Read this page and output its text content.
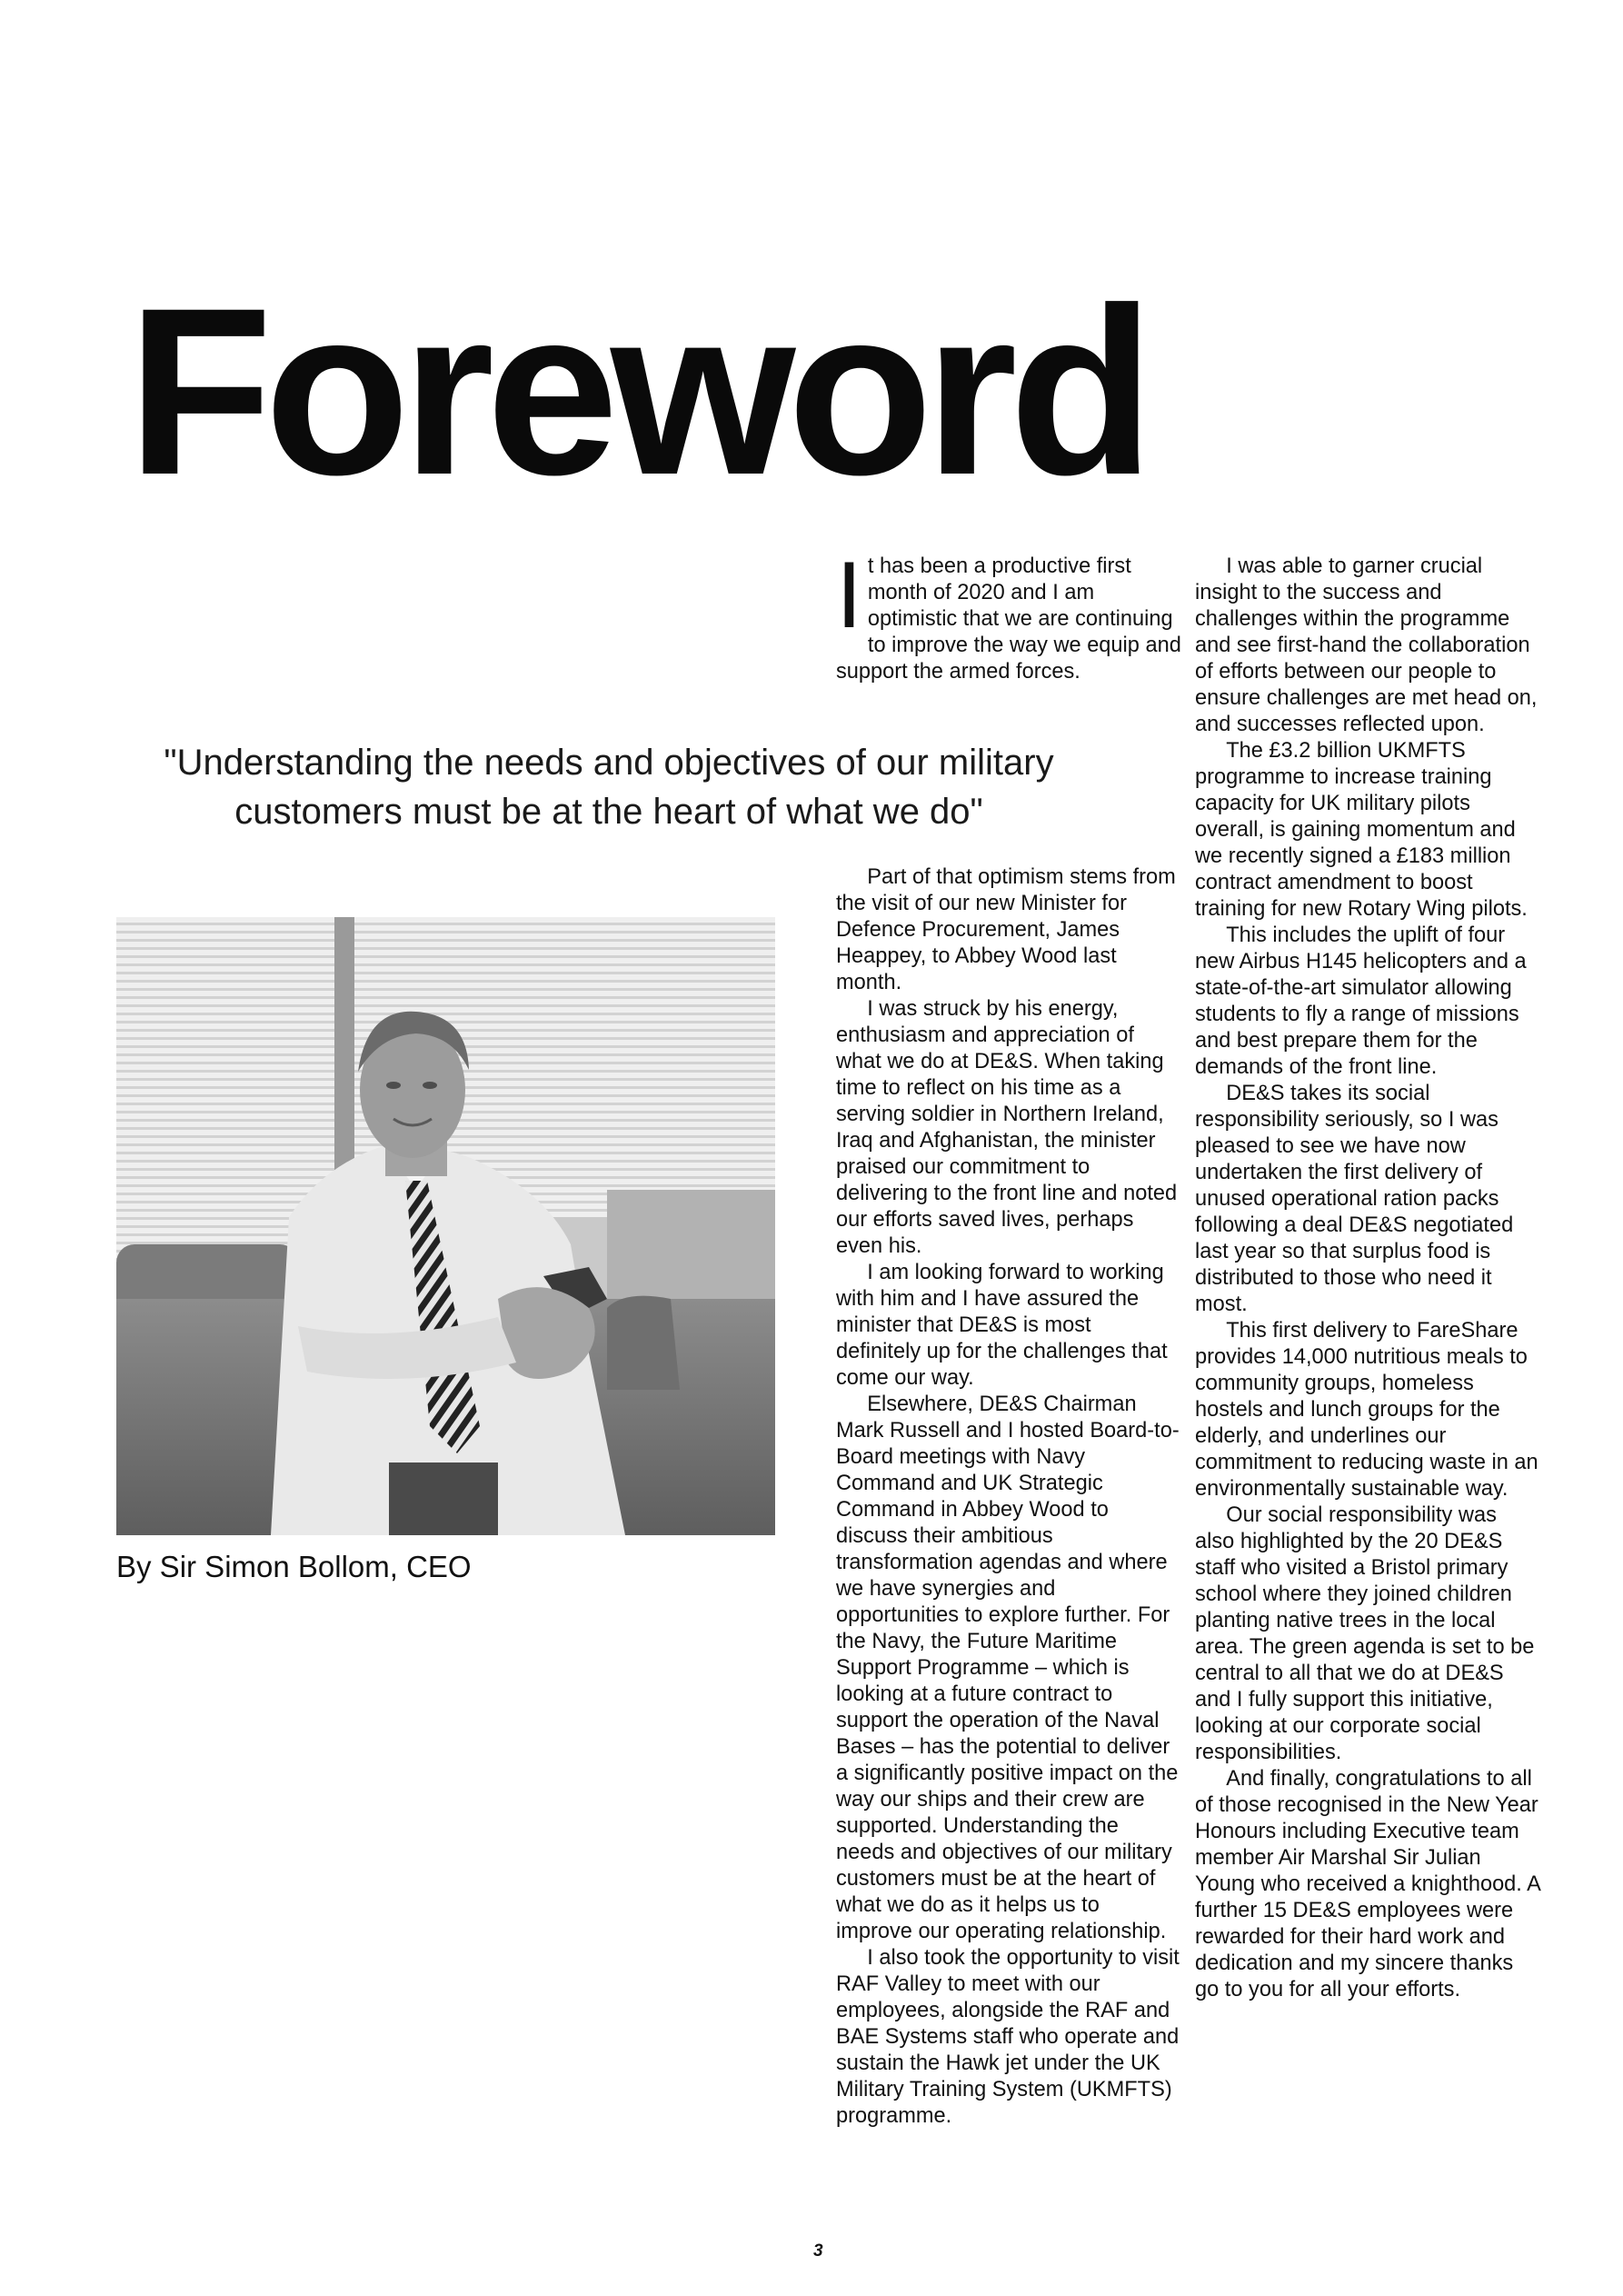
Foreword

"Understanding the needs and objectives of our military customers must be at the heart of what we do"

By Sir Simon Bollom, CEO

It has been a productive first month of 2020 and I am optimistic that we are continuing to improve the way we equip and support the armed forces.

Part of that optimism stems from the visit of our new Minister for Defence Procurement, James Heappey, to Abbey Wood last month.

I was struck by his energy, enthusiasm and appreciation of what we do at DE&S. When taking time to reflect on his time as a serving soldier in Northern Ireland, Iraq and Afghanistan, the minister praised our commitment to delivering to the front line and noted our efforts saved lives, perhaps even his.

I am looking forward to working with him and I have assured the minister that DE&S is most definitely up for the challenges that come our way.

Elsewhere, DE&S Chairman Mark Russell and I hosted Board-to-Board meetings with Navy Command and UK Strategic Command in Abbey Wood to discuss their ambitious transformation agendas and where we have synergies and opportunities to explore further. For the Navy, the Future Maritime Support Programme – which is looking at a future contract to support the operation of the Naval Bases – has the potential to deliver a significantly positive impact on the way our ships and their crew are supported. Understanding the needs and objectives of our military customers must be at the heart of what we do as it helps us to improve our operating relationship.

I also took the opportunity to visit RAF Valley to meet with our employees, alongside the RAF and BAE Systems staff who operate and sustain the Hawk jet under the UK Military Training System (UKMFTS) programme.

I was able to garner crucial insight to the success and challenges within the programme and see first-hand the collaboration of efforts between our people to ensure challenges are met head on, and successes reflected upon.

The £3.2 billion UKMFTS programme to increase training capacity for UK military pilots overall, is gaining momentum and we recently signed a £183 million contract amendment to boost training for new Rotary Wing pilots.

This includes the uplift of four new Airbus H145 helicopters and a state-of-the-art simulator allowing students to fly a range of missions and best prepare them for the demands of the front line.

DE&S takes its social responsibility seriously, so I was pleased to see we have now undertaken the first delivery of unused operational ration packs following a deal DE&S negotiated last year so that surplus food is distributed to those who need it most.

This first delivery to FareShare provides 14,000 nutritious meals to community groups, homeless hostels and lunch groups for the elderly, and underlines our commitment to reducing waste in an environmentally sustainable way.

Our social responsibility was also highlighted by the 20 DE&S staff who visited a Bristol primary school where they joined children planting native trees in the local area. The green agenda is set to be central to all that we do at DE&S and I fully support this initiative, looking at our corporate social responsibilities.

And finally, congratulations to all of those recognised in the New Year Honours including Executive team member Air Marshal Sir Julian Young who received a knighthood. A further 15 DE&S employees were rewarded for their hard work and dedication and my sincere thanks go to you for all your efforts.

3
